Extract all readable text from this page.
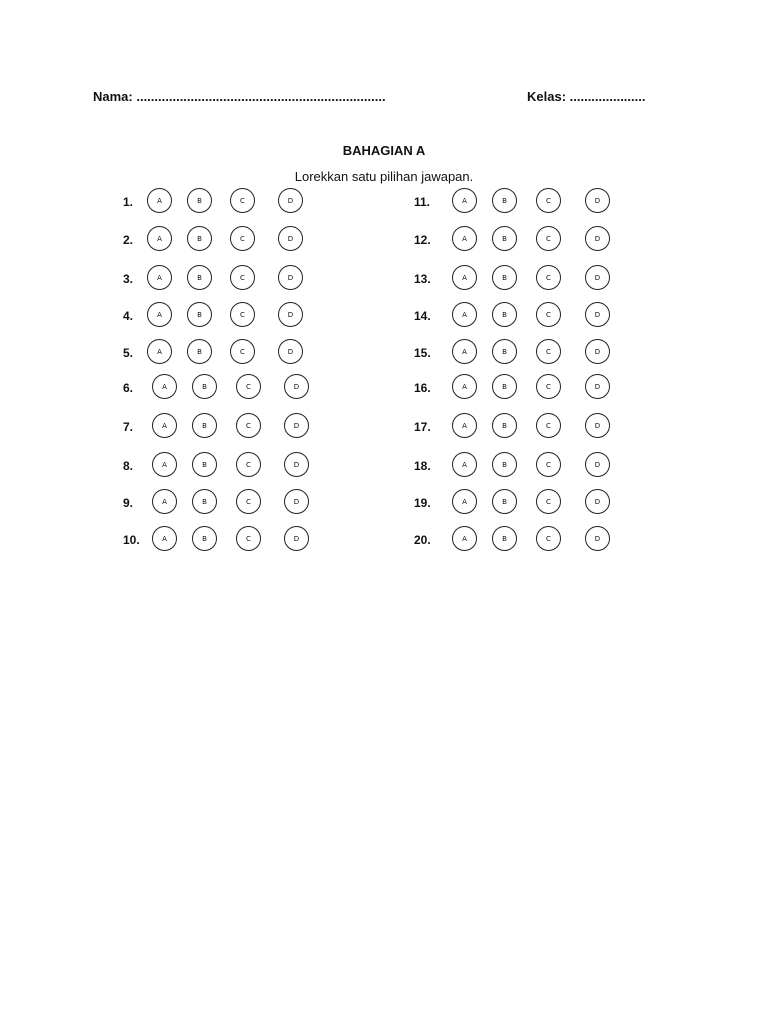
Nama: .....................................................................	Kelas: .....................
BAHAGIAN A
Lorekkan satu pilihan jawapan.
1.	A	B	C	D
2.	A	B	C	D
3.	A	B	C	D
4.	A	B	C	D
5.	A	B	C	D
6.	A	B	C	D
7.	A	B	C	D
8.	A	B	C	D
9.	A	B	C	D
10.	A	B	C	D
11.	A	B	C	D
12.	A	B	C	D
13.	A	B	C	D
14.	A	B	C	D
15.	A	B	C	D
16.	A	B	C	D
17.	A	B	C	D
18.	A	B	C	D
19.	A	B	C	D
20.	A	B	C	D
